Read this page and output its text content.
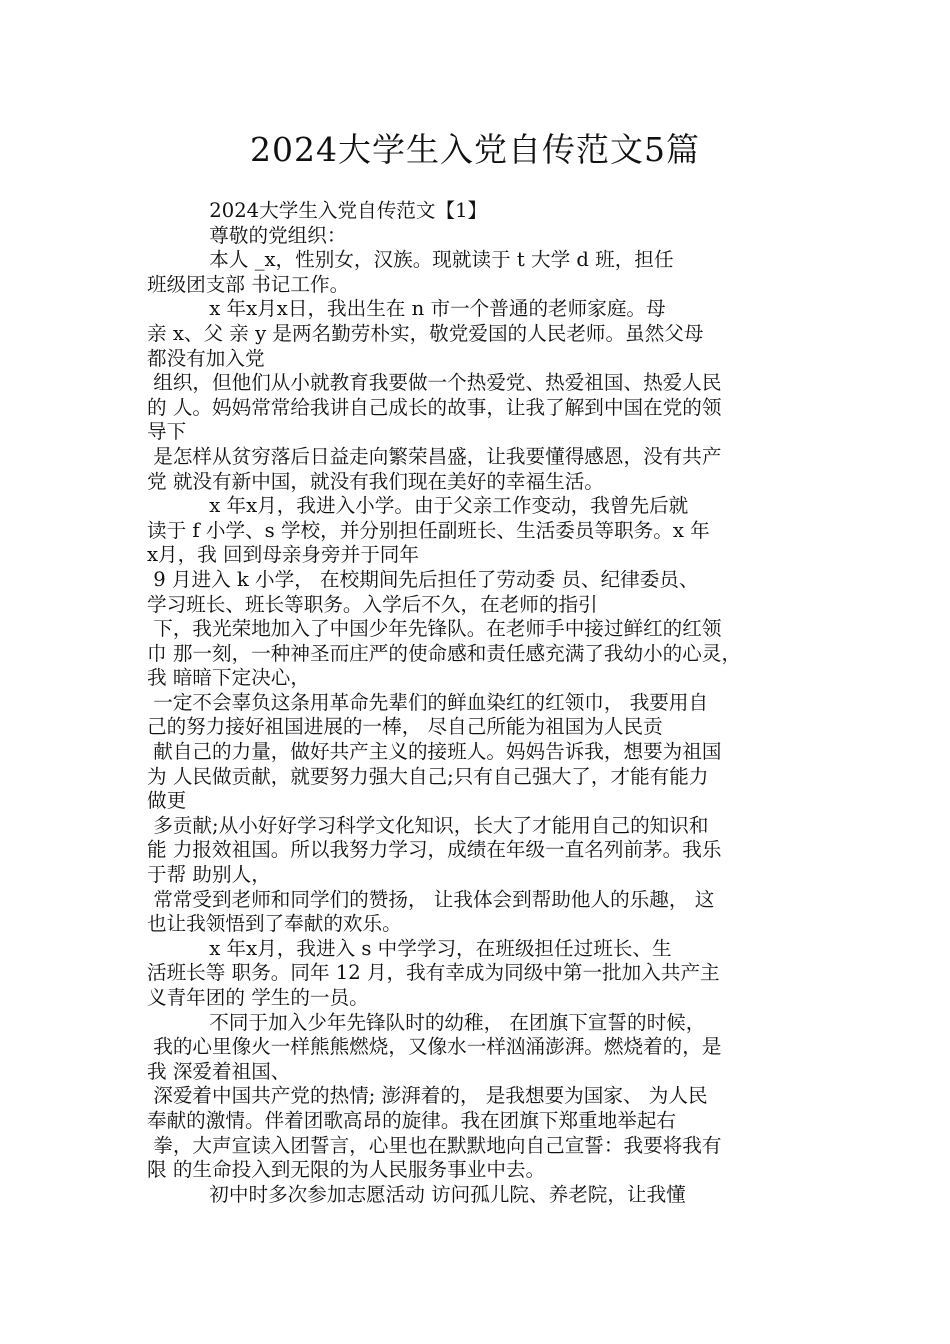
2024大学生入党自传范文5篇
2024大学生入党自传范文【1】
尊敬的党组织：
本人 _x，性别女，汉族。现就读于 t 大学 d 班，担任
班级团支部 书记工作。
x 年x月x日，我出生在 n 市一个普通的老师家庭。母
亲 x、父 亲 y 是两名勤劳朴实，敬党爱国的人民老师。虽然父母
都没有加入党
组织，但他们从小就教育我要做一个热爱党、热爱祖国、热爱人民
的 人。妈妈常常给我讲自己成长的故事，让我了解到中国在党的领
导下
是怎样从贫穷落后日益走向繁荣昌盛，让我要懂得感恩，没有共产
党 就没有新中国，就没有我们现在美好的幸福生活。
x 年x月，我进入小学。由于父亲工作变动，我曾先后就
读于 f 小学、s 学校，并分别担任副班长、生活委员等职务。x 年
x月，我 回到母亲身旁并于同年
9 月进入 k 小学， 在校期间先后担任了劳动委 员、纪律委员、
学习班长、班长等职务。入学后不久，在老师的指引
下，我光荣地加入了中国少年先锋队。在老师手中接过鲜红的红领
巾 那一刻，一种神圣而庄严的使命感和责任感充满了我幼小的心灵，
我 暗暗下定决心，
一定不会辜负这条用革命先辈们的鲜血染红的红领巾， 我要用自
己的努力接好祖国进展的一棒， 尽自己所能为祖国为人民贡
献自己的力量，做好共产主义的接班人。妈妈告诉我，想要为祖国
为 人民做贡献，就要努力强大自己;只有自己强大了，才能有能力
做更
多贡献;从小好好学习科学文化知识，长大了才能用自己的知识和
能 力报效祖国。所以我努力学习，成绩在年级一直名列前茅。我乐
于帮 助别人，
常常受到老师和同学们的赞扬， 让我体会到帮助他人的乐趣， 这
也让我领悟到了奉献的欢乐。
x 年x月，我进入 s 中学学习，在班级担任过班长、生
活班长等 职务。同年 12 月，我有幸成为同级中第一批加入共产主
义青年团的 学生的一员。
不同于加入少年先锋队时的幼稚， 在团旗下宣誓的时候，
我的心里像火一样熊熊燃烧，又像水一样汹涌澎湃。燃烧着的，是
我 深爱着祖国、
深爱着中国共产党的热情; 澎湃着的， 是我想要为国家、 为人民
奉献的激情。伴着团歌高昂的旋律。我在团旗下郑重地举起右
拳，大声宣读入团誓言，心里也在默默地向自己宣誓：我要将我有
限 的生命投入到无限的为人民服务事业中去。
初中时多次参加志愿活动 访问孤儿院、养老院，让我懂
